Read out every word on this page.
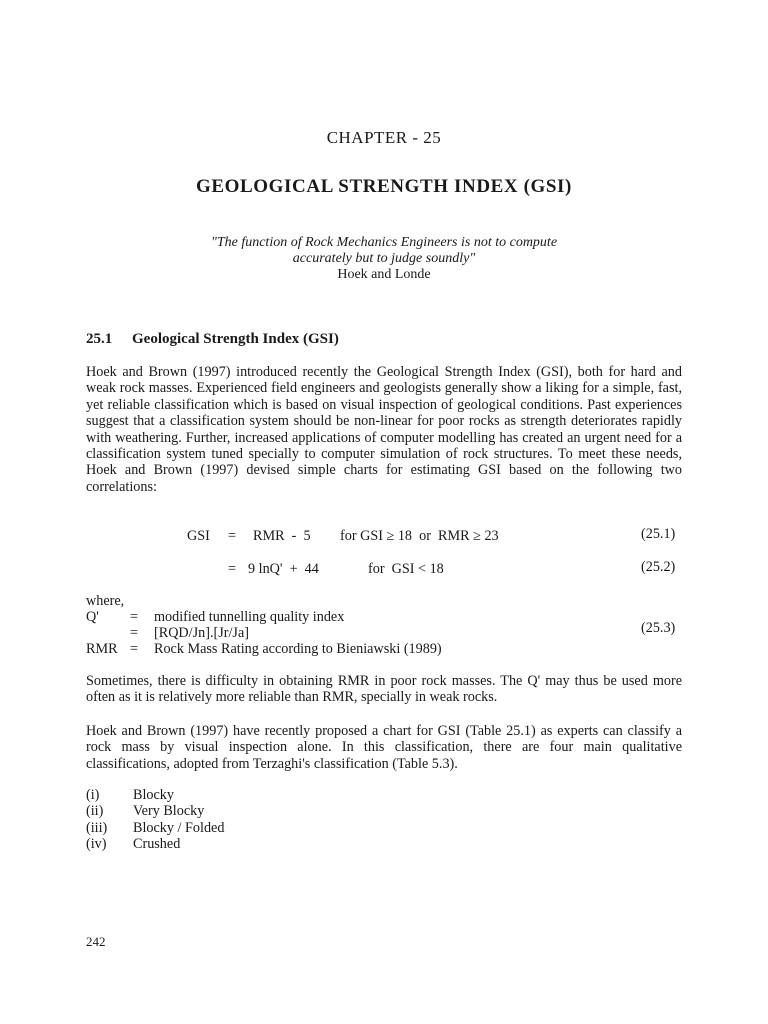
CHAPTER - 25
GEOLOGICAL STRENGTH INDEX (GSI)
"The function of Rock Mechanics Engineers is not to compute
accurately but to judge soundly"
Hoek and Londe
25.1 Geological Strength Index (GSI)
Hoek and Brown (1997) introduced recently the Geological Strength Index (GSI), both for hard and weak rock masses. Experienced field engineers and geologists generally show a liking for a simple, fast, yet reliable classification which is based on visual inspection of geological conditions. Past experiences suggest that a classification system should be non-linear for poor rocks as strength deteriorates rapidly with weathering. Further, increased applications of computer modelling has created an urgent need for a classification system tuned specially to computer simulation of rock structures. To meet these needs, Hoek and Brown (1997) devised simple charts for estimating GSI based on the following two correlations:
GSI = RMR  -  5 for GSI ≥ 18  or  RMR ≥ 23	(25.1)
= 9 lnQ'  +  44	for  GSI < 18	(25.2)
where,
Q' = modified tunnelling quality index
= [RQD/Jn].[Jr/Ja]
RMR = Rock Mass Rating according to Bieniawski (1989)
(25.3)
Sometimes, there is difficulty in obtaining RMR in poor rock masses. The Q' may thus be used more often as it is relatively more reliable than RMR, specially in weak rocks.
Hoek and Brown (1997) have recently proposed a chart for GSI (Table 25.1) as experts can classify a rock mass by visual inspection alone. In this classification, there are four main qualitative classifications, adopted from Terzaghi's classification (Table 5.3).
(i) Blocky
(ii) Very Blocky
(iii) Blocky / Folded
(iv) Crushed
242
